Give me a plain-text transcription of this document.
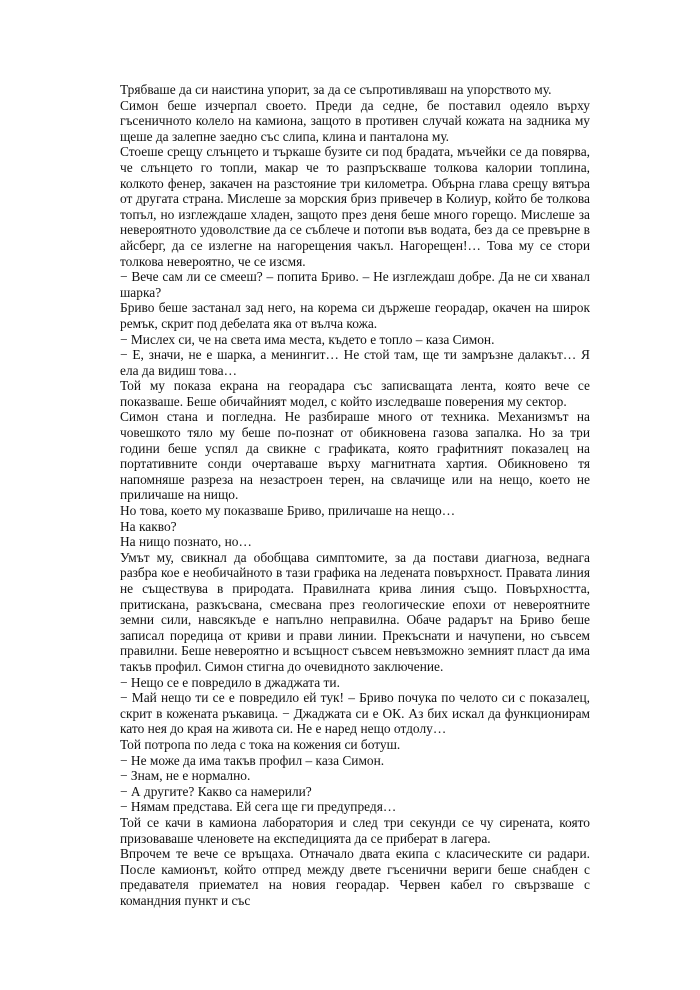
Трябваше да си наистина упорит, за да се съпротивляваш на упорството му.

Симон беше изчерпал своето. Преди да седне, бе поставил одеяло върху гъсеничното колело на камиона, защото в противен случай кожата на задника му щеше да залепне заедно със слипа, клина и панталона му.

Стоеше срещу слънцето и търкаше бузите си под брадата, мъчейки се да повярва, че слънцето го топли, макар че то разпръскваше толкова калории топлина, колкото фенер, закачен на разстояние три километра. Обърна глава срещу вятъра от другата страна. Мислеше за морския бриз привечер в Колиур, който бе толкова топъл, но изглеждаше хладен, защото през деня беше много горещо. Мислеше за невероятното удоволствие да се съблече и потопи във водата, без да се превърне в айсберг, да се излегне на нагорещения чакъл. Нагорещен!… Това му се стори толкова невероятно, че се изсмя.

− Вече сам ли се смееш? – попита Бриво. – Не изглеждаш добре. Да не си хванал шарка?

Бриво беше застанал зад него, на корема си държеше георадар, окачен на широк ремък, скрит под дебелата яка от вълча кожа.

− Мислех си, че на света има места, където е топло – каза Симон.

− Е, значи, не е шарка, а менингит… Не стой там, ще ти замръзне далакът… Я ела да видиш това…

Той му показа екрана на георадара със записващата лента, която вече се показваше. Беше обичайният модел, с който изследваше поверения му сектор.

Симон стана и погледна. Не разбираше много от техника. Механизмът на човешкото тяло му беше по-познат от обикновена газова запалка. Но за три години беше успял да свикне с графиката, която графитният показалец на портативните сонди очертаваше върху магнитната хартия. Обикновено тя напомняше разреза на незастроен терен, на свлачище или на нещо, което не приличаше на нищо.

Но това, което му показваше Бриво, приличаше на нещо…

На какво?

На нищо познато, но…

Умът му, свикнал да обобщава симптомите, за да постави диагноза, веднага разбра кое е необичайното в тази графика на ледената повърхност. Правата линия не съществува в природата. Правилната крива линия също. Повърхността, притискана, разкъсвана, смесвана през геологические епохи от невероятните земни сили, навсякъде е напълно неправилна. Обаче радарът на Бриво беше записал поредица от криви и прави линии. Прекъснати и начупени, но съвсем правилни. Беше невероятно и всъщност съвсем невъзможно земният пласт да има такъв профил. Симон стигна до очевидното заключение.

− Нещо се е повредило в джаджата ти.

− Май нещо ти се е повредило ей тук! – Бриво почука по челото си с показалец, скрит в кожената ръкавица. − Джаджата си е ОК. Аз бих искал да функционирам като нея до края на живота си. Не е наред нещо отдолу…

Той потропа по леда с тока на кожения си ботуш.

− Не може да има такъв профил – каза Симон.

− Знам, не е нормално.

− А другите? Какво са намерили?

− Нямам представа. Ей сега ще ги предупредя…

Той се качи в камиона лаборатория и след три секунди се чу сирената, която призоваваше членовете на експедицията да се приберат в лагера.

Впрочем те вече се връщаха. Отначало двата екипа с класическите си радари. После камионът, който отпред между двете гъсенични вериги беше снабден с предавателя приемател на новия георадар. Червен кабел го свързваше с командния пункт и със
